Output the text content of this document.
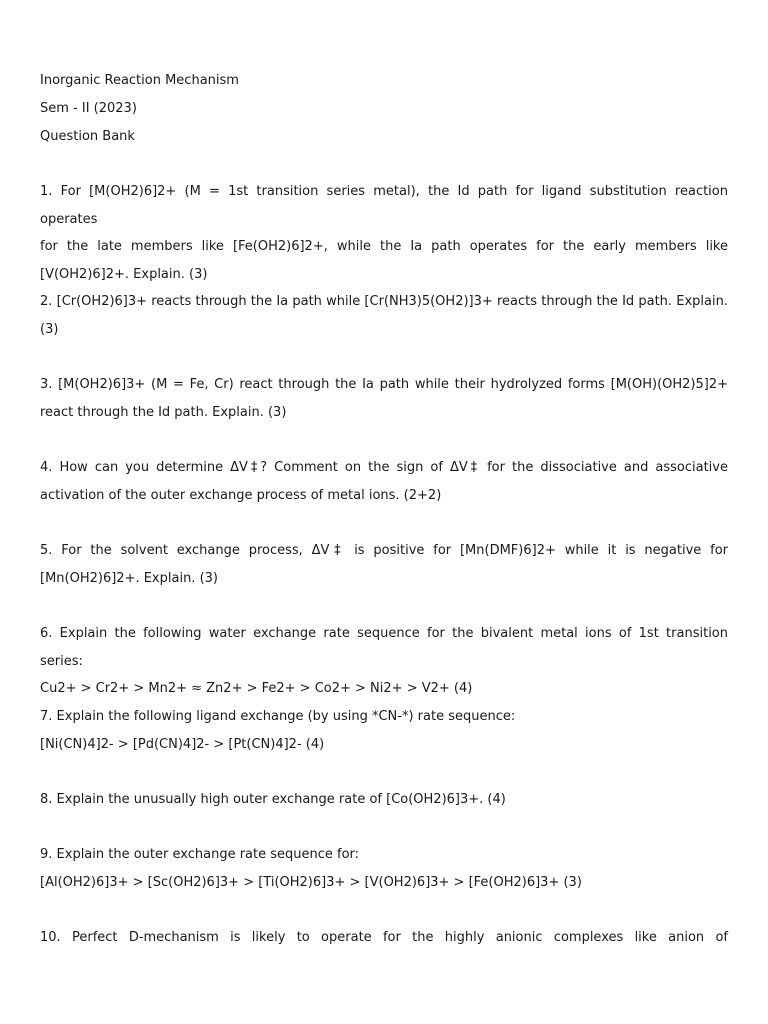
Inorganic Reaction Mechanism

Sem - II (2023)

Question Bank

1. For [M(OH2)6]2+ (M = 1st transition series metal), the Id path for ligand substitution reaction operates
for the late members like [Fe(OH2)6]2+, while the Ia path operates for the early members like
[V(OH2)6]2+. Explain. (3)
2. [Cr(OH2)6]3+ reacts through the Ia path while [Cr(NH3)5(OH2)]3+ reacts through the Id path. Explain.
(3)
3. [M(OH2)6]3+ (M = Fe, Cr) react through the Ia path while their hydrolyzed forms [M(OH)(OH2)5]2+
react through the Id path. Explain. (3)
4. How can you determine ΔV‡? Comment on the sign of ΔV‡ for the dissociative and associative
activation of the outer exchange process of metal ions. (2+2)
5. For the solvent exchange process, ΔV‡ is positive for [Mn(DMF)6]2+ while it is negative for
[Mn(OH2)6]2+. Explain. (3)
6. Explain the following water exchange rate sequence for the bivalent metal ions of 1st transition series:
Cu2+ > Cr2+ > Mn2+ ≈ Zn2+ > Fe2+ > Co2+ > Ni2+ > V2+ (4)
7. Explain the following ligand exchange (by using *CN-*) rate sequence:
[Ni(CN)4]2- > [Pd(CN)4]2- > [Pt(CN)4]2- (4)
8. Explain the unusually high outer exchange rate of [Co(OH2)6]3+. (4)
9. Explain the outer exchange rate sequence for:
[Al(OH2)6]3+ > [Sc(OH2)6]3+ > [Ti(OH2)6]3+ > [V(OH2)6]3+ > [Fe(OH2)6]3+ (3)
10. Perfect D-mechanism is likely to operate for the highly anionic complexes like anion of
